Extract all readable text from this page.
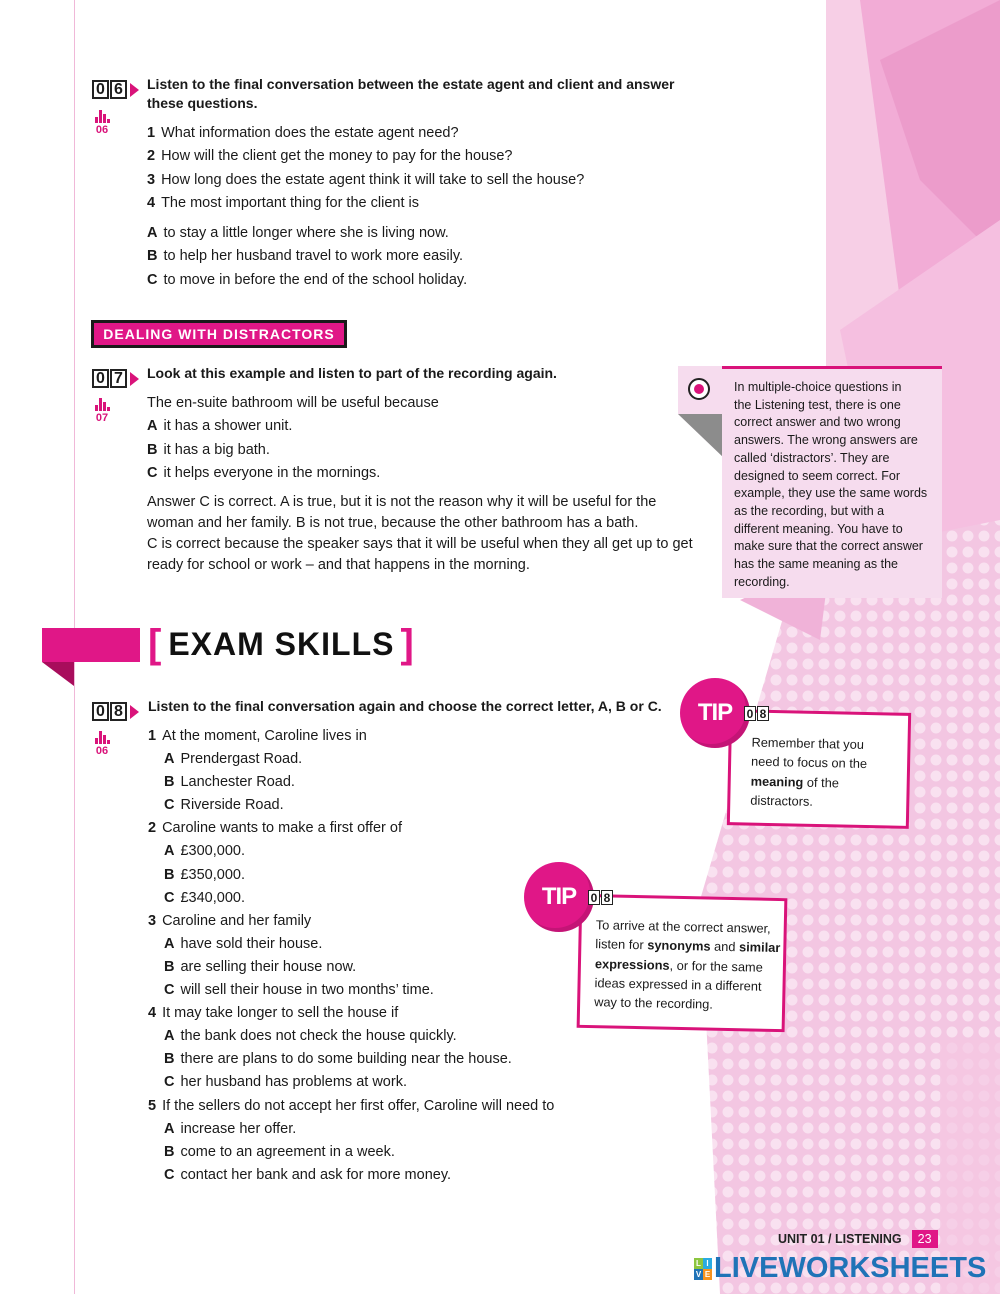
0 6
06
Listen to the final conversation between the estate agent and client and answer these questions.
1 What information does the estate agent need?
2 How will the client get the money to pay for the house?
3 How long does the estate agent think it will take to sell the house?
4 The most important thing for the client is
A to stay a little longer where she is living now.
B to help her husband travel to work more easily.
C to move in before the end of the school holiday.
DEALING WITH DISTRACTORS
0 7
07
Look at this example and listen to part of the recording again.
The en-suite bathroom will be useful because
A it has a shower unit.
B it has a big bath.
C it helps everyone in the mornings.
Answer C is correct. A is true, but it is not the reason why it will be useful for the
woman and her family. B is not true, because the other bathroom has a bath.
C is correct because the speaker says that it will be useful when they all get up to get
ready for school or work – and that happens in the morning.
In multiple-choice questions in
the Listening test, there is one
correct answer and two wrong
answers. The wrong answers are
called ‘distractors’. They are
designed to seem correct. For
example, they use the same words
as the recording, but with a
different meaning. You have to
make sure that the correct answer
has the same meaning as the
recording.
[ EXAM SKILLS ]
0 8
06
Listen to the final conversation again and choose the correct letter, A, B or C.
1 At the moment, Caroline lives in
A Prendergast Road.
B Lanchester Road.
C Riverside Road.
2 Caroline wants to make a first offer of
A £300,000.
B £350,000.
C £340,000.
3 Caroline and her family
A have sold their house.
B are selling their house now.
C will sell their house in two months’ time.
4 It may take longer to sell the house if
A the bank does not check the house quickly.
B there are plans to do some building near the house.
C her husband has problems at work.
5 If the sellers do not accept her first offer, Caroline will need to
A increase her offer.
B come to an agreement in a week.
C contact her bank and ask for more money.
Remember that you
need to focus on the
meaning of the
distractors.
TIP	0 8
To arrive at the correct answer,
listen for synonyms and similar
expressions, or for the same
ideas expressed in a different
way to the recording.
TIP	0 8
UNIT 01 / LISTENING 23
L I
V E LIVEWORKSHEETS
